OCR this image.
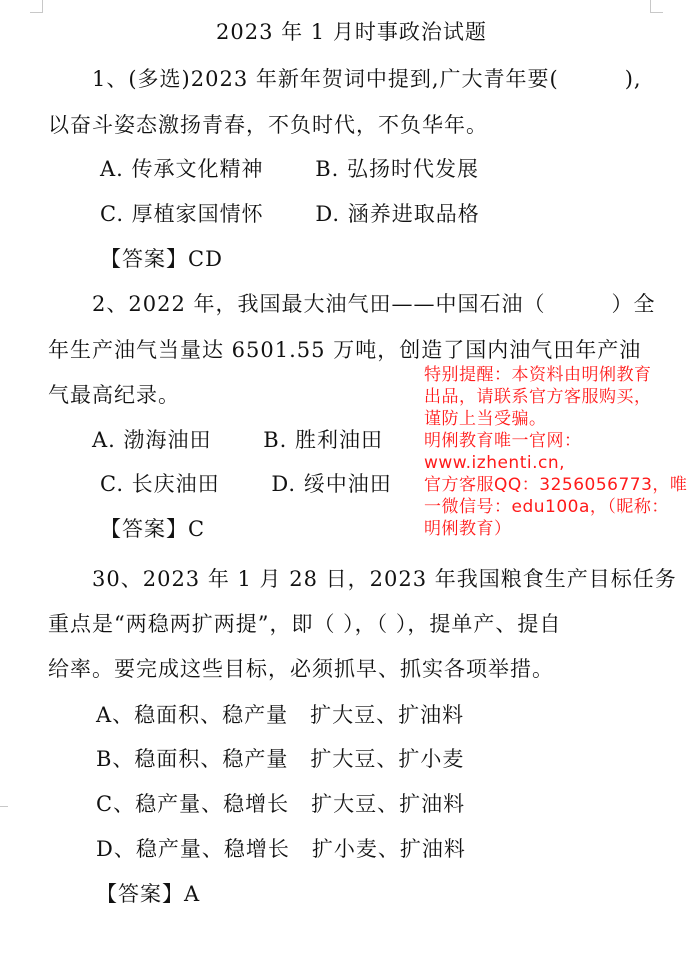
2023 年 1 月时事政治试题
1、(多选)2023 年新年贺词中提到,广大青年要(　　　),
以奋斗姿态激扬青春，不负时代，不负华年。
A. 传承文化精神　　 B. 弘扬时代发展
C. 厚植家国情怀　　 D. 涵养进取品格
【答案】CD
2、2022 年，我国最大油气田——中国石油（　　　）全
年生产油气当量达 6501.55 万吨，创造了国内油气田年产油
气最高纪录。
A. 渤海油田　　 B. 胜利油田
C. 长庆油田　　 D. 绥中油田
【答案】C
30、2023 年 1 月 28 日，2023 年我国粮食生产目标任务
重点是“两稳两扩两提”，即（ ），（ ），提单产、提自
给率。要完成这些目标，必须抓早、抓实各项举措。
A、稳面积、稳产量　扩大豆、扩油料
B、稳面积、稳产量　扩大豆、扩小麦
C、稳产量、稳增长　扩大豆、扩油料
D、稳产量、稳增长　扩小麦、扩油料
【答案】A
特别提醒：本资料由明俐教育
出品，请联系官方客服购买，
谨防上当受骗。
明俐教育唯一官网：
www.izhenti.cn,
官方客服QQ：3256056773，唯
一微信号：edu100a，（昵称：
明俐教育）
